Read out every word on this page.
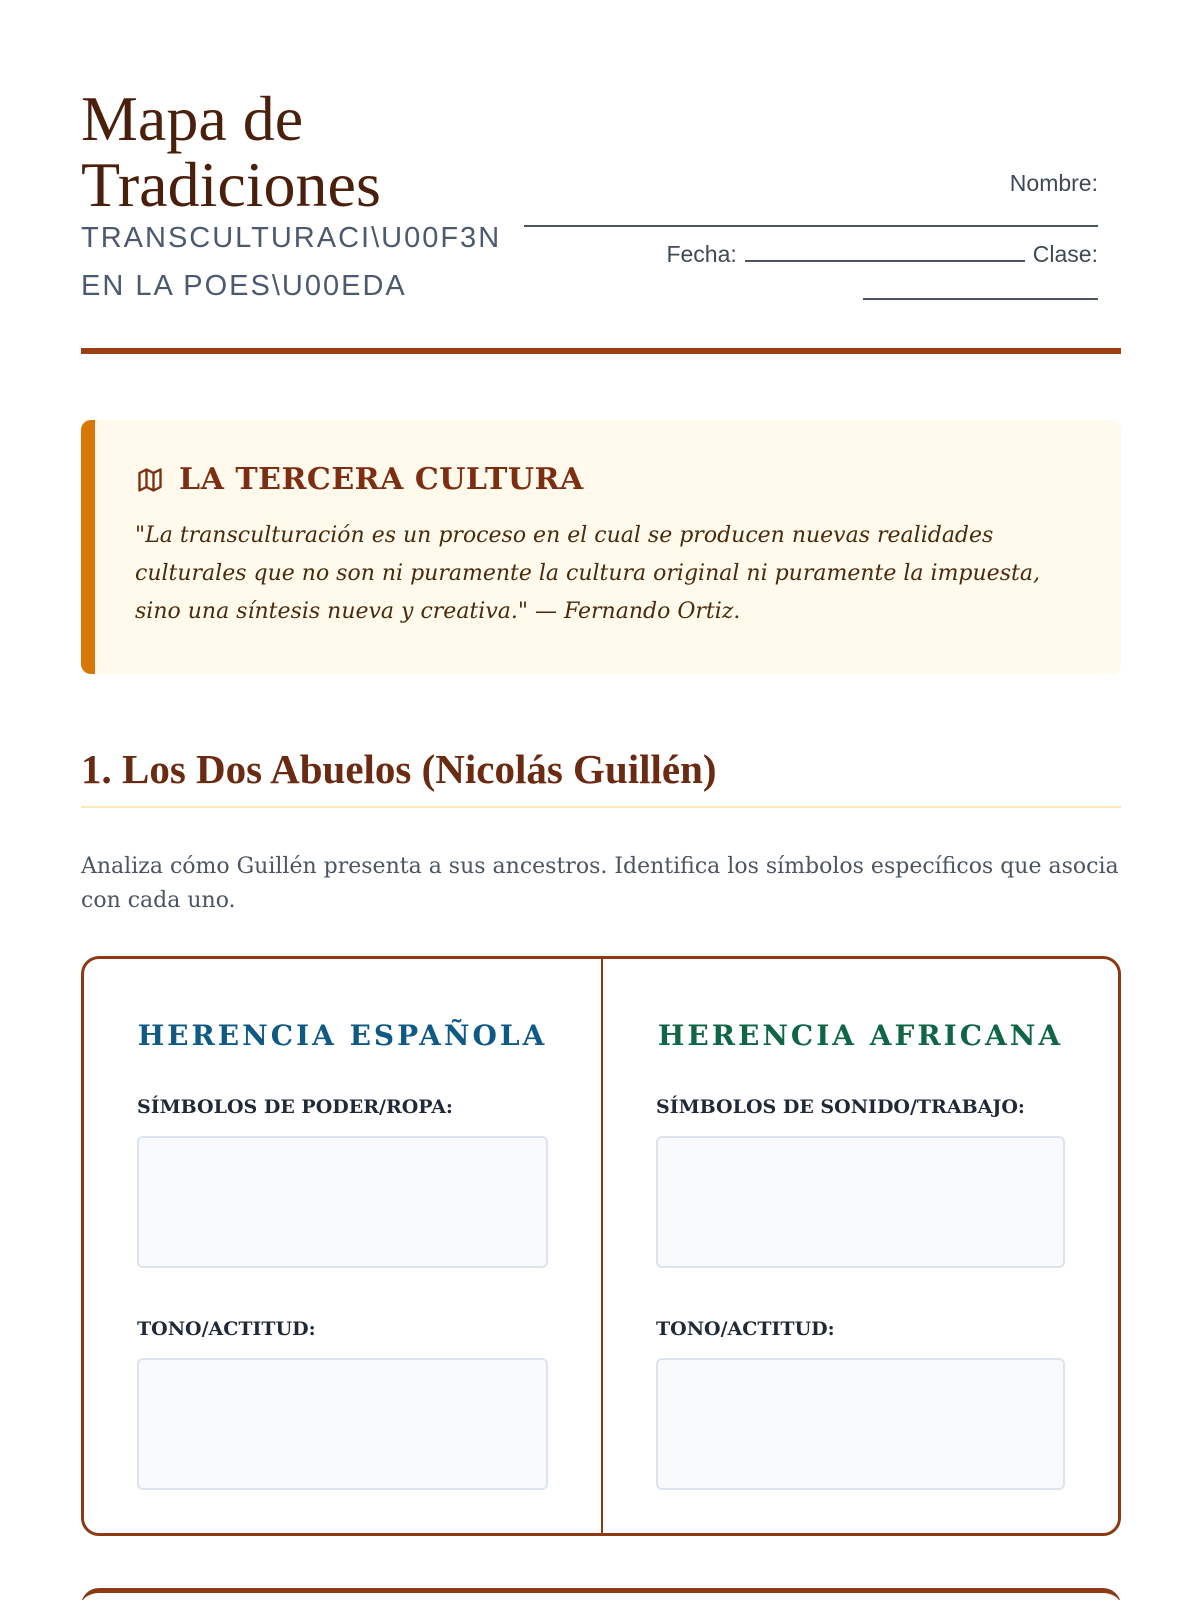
Mapa de Tradiciones
TRANSCULTURACI\U00F3N EN LA POES\U00EDA
Nombre:
Fecha:	Clase:
LA TERCERA CULTURA

"La transculturación es un proceso en el cual se producen nuevas realidades culturales que no son ni puramente la cultura original ni puramente la impuesta, sino una síntesis nueva y creativa." — Fernando Ortiz.

1. Los Dos Abuelos (Nicolás Guillén)

Analiza cómo Guillén presenta a sus ancestros. Identifica los símbolos específicos que asocia con cada uno.

HERENCIA ESPAÑOLA
SÍMBOLOS DE PODER/ROPA:
TONO/ACTITUD:
HERENCIA AFRICANA
SÍMBOLOS DE SONIDO/TRABAJO:
TONO/ACTITUD:
